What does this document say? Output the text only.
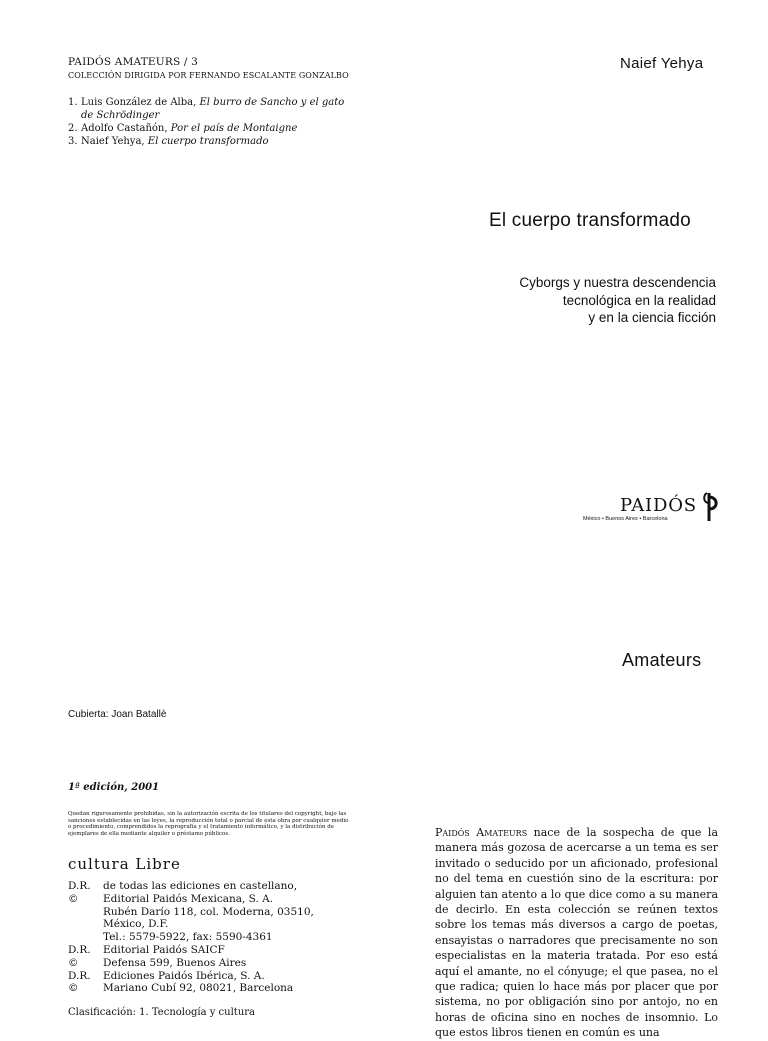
PAIDÓS AMATEURS / 3
COLECCIÓN DIRIGIDA POR FERNANDO ESCALANTE GONZALBO
1. Luis González de Alba, El burro de Sancho y el gato
de Schrödinger
2. Adolfo Castañón, Por el país de Montaigne
3. Naief Yehya, El cuerpo transformado
Cubierta: Joan Batallè
1ª edición, 2001

Quedan rigurosamente prohibidas, sin la autorización escrita de los titulares del copyright, bajo las sanciones establecidas en las leyes, la reproducción total o parcial de esta obra por cualquier medio o procedimiento, comprendidos la reprografía y el tratamiento informático, y la distribución de ejemplares de ella mediante alquiler o préstamo públicos.

cultura Libre
D.R. ©
de todas las ediciones en castellano,
Editorial Paidós Mexicana, S. A.
Rubén Darío 118, col. Moderna, 03510,
México, D.F.
Tel.: 5579-5922, fax: 5590-4361
D.R. ©
Editorial Paidós SAICF
Defensa 599, Buenos Aires
D.R. ©
Ediciones Paidós Ibérica, S. A.
Mariano Cubí 92, 08021, Barcelona
Clasificación: 1. Tecnología y cultura
Naief Yehya
El cuerpo transformado
Cyborgs y nuestra descendencia
tecnológica en la realidad
y en la ciencia ficción
PAIDÓS
México • Buenos Aires • Barcelona
Amateurs

Paidós Amateurs nace de la sospecha de que la manera más gozosa de acercarse a un tema es ser invitado o seducido por un aficionado, profesional no del tema en cuestión sino de la escritura: por alguien tan atento a lo que dice como a su manera de decirlo. En esta colección se reúnen textos sobre los temas más diversos a cargo de poetas, ensayistas o narradores que precisamente no son especialistas en la materia tratada. Por eso está aquí el amante, no el cónyuge; el que pasea, no el que radica; quien lo hace más por placer que por sistema, no por obligación sino por antojo, no en horas de oficina sino en noches de insomnio. Lo que estos libros tienen en común es una
